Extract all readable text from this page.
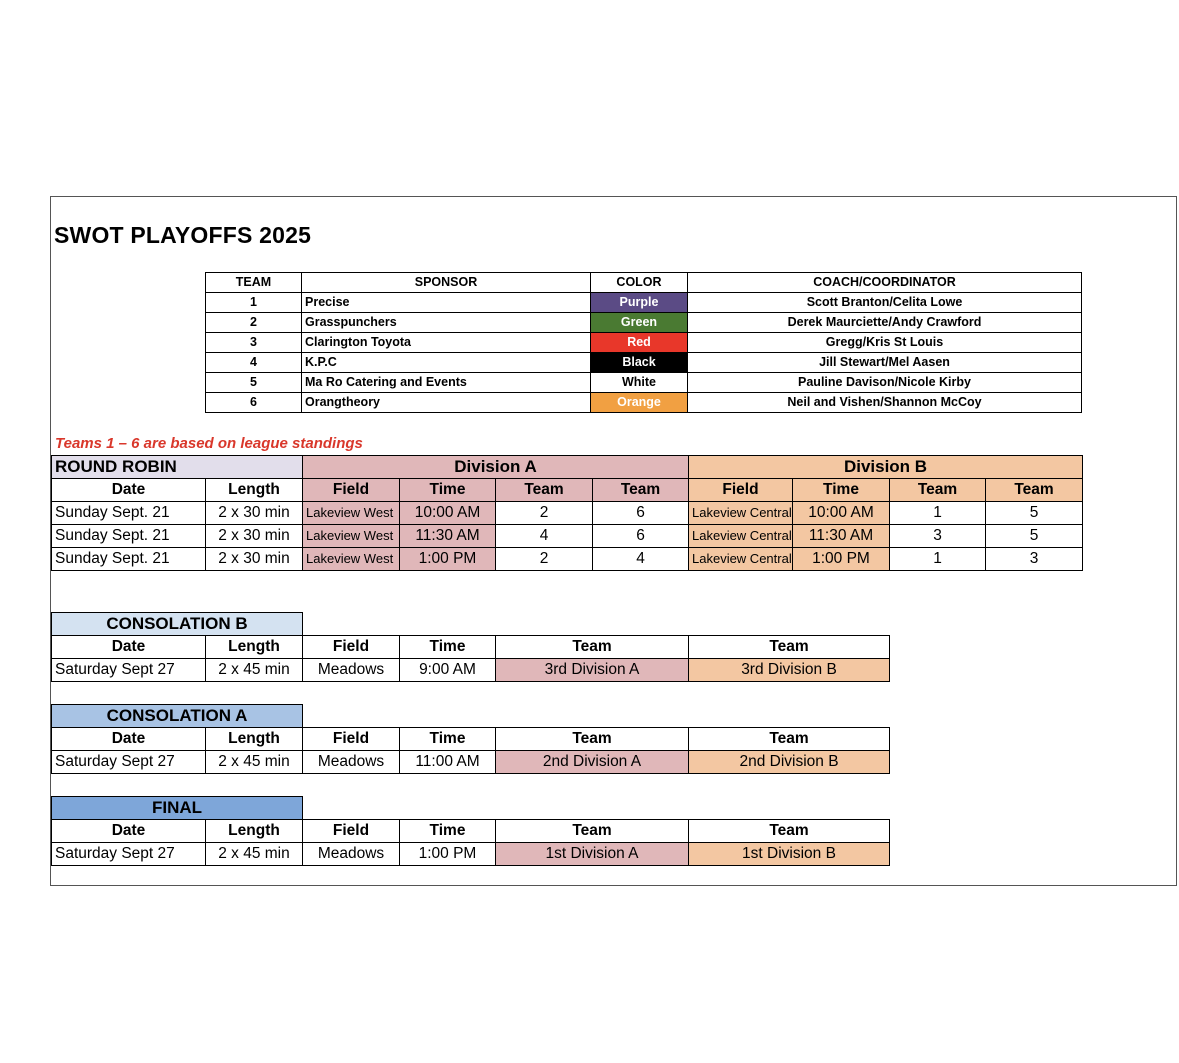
SWOT PLAYOFFS 2025
TEAM	SPONSOR	COLOR	COACH/COORDINATOR
1	Precise	Purple	Scott Branton/Celita Lowe
2	Grasspunchers	Green	Derek Maurciette/Andy Crawford
3	Clarington Toyota	Red	Gregg/Kris St Louis
4	K.P.C	Black	Jill Stewart/Mel Aasen
5	Ma Ro Catering and Events	White	Pauline Davison/Nicole Kirby
6	Orangtheory	Orange	Neil and Vishen/Shannon McCoy
Teams 1 – 6 are based on league standings
ROUND ROBIN		Division A				Division B			
Date	Length	Field	Time	Team	Team	Field	Time	Team	Team
Sunday Sept. 21	2 x 30 min	Lakeview West	10:00 AM	2	6	Lakeview Central	10:00 AM	1	5
Sunday Sept. 21	2 x 30 min	Lakeview West	11:30 AM	4	6	Lakeview Central	11:30 AM	3	5
Sunday Sept. 21	2 x 30 min	Lakeview West	1:00 PM	2	4	Lakeview Central	1:00 PM	1	3
CONSOLATION B					
Date	Length	Field	Time	Team	Team
Saturday Sept 27	2 x 45 min	Meadows	9:00 AM	3rd Division A	3rd Division B
CONSOLATION A					
Date	Length	Field	Time	Team	Team
Saturday Sept 27	2 x 45 min	Meadows	11:00 AM	2nd Division A	2nd Division B
FINAL					
Date	Length	Field	Time	Team	Team
Saturday Sept 27	2 x 45 min	Meadows	1:00 PM	1st Division A	1st Division B
